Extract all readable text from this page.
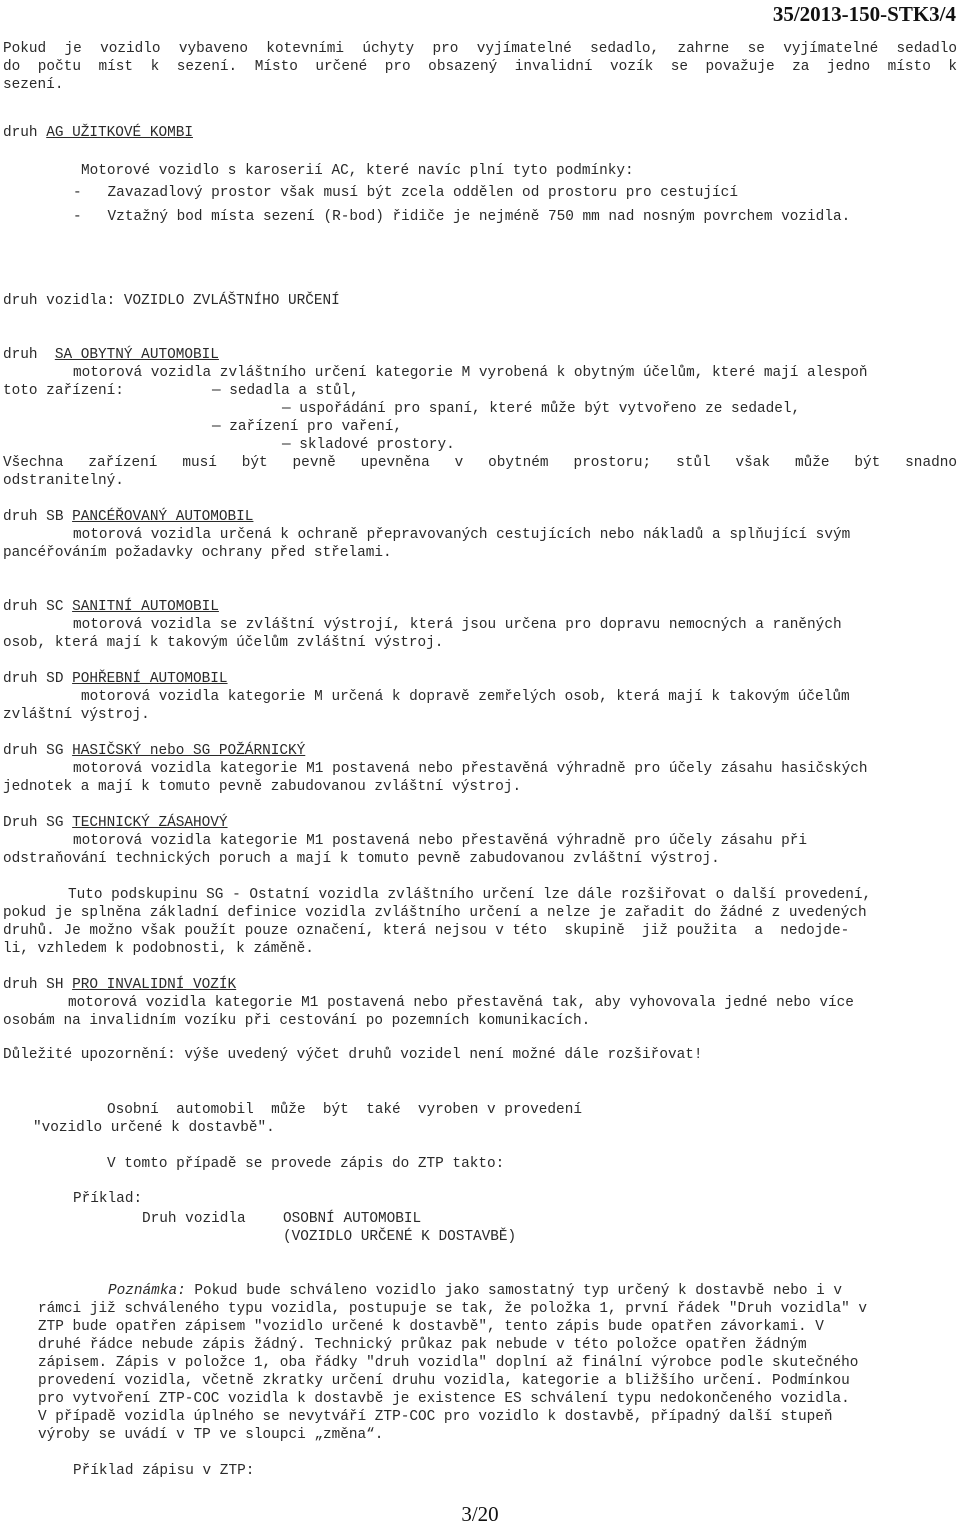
35/2013-150-STK3/4
Pokud je vozidlo vybaveno kotevními úchyty pro vyjímatelné sedadlo, zahrne se vyjímatelné sedadlo
do počtu míst k sezení. Místo určené pro obsazený invalidní vozík se považuje za jedno místo k
sezení.
druh AG UŽITKOVÉ KOMBI
Motorové vozidlo s karoserií AC, které navíc plní tyto podmínky:
-   Zavazadlový prostor však musí být zcela oddělen od prostoru pro cestující
-   Vztažný bod místa sezení (R-bod) řidiče je nejméně 750 mm nad nosným povrchem vozidla.
druh vozidla: VOZIDLO ZVLÁŠTNÍHO URČENÍ
druh  SA OBYTNÝ AUTOMOBIL
motorová vozidla zvláštního určení kategorie M vyrobená k obytným účelům, které mají alespoň
toto zařízení:	— sedadla a stůl,
— uspořádání pro spaní, které může být vytvořeno ze sedadel,
— zařízení pro vaření,
— skladové prostory.
Všechna zařízení musí být pevně upevněna v obytném prostoru; stůl však může být snadno
odstranitelný.
druh SB PANCÉŘOVANÝ AUTOMOBIL
motorová vozidla určená k ochraně přepravovaných cestujících nebo nákladů a splňující svým
pancéřováním požadavky ochrany před střelami.
druh SC SANITNÍ AUTOMOBIL
motorová vozidla se zvláštní výstrojí, která jsou určena pro dopravu nemocných a raněných
osob, která mají k takovým účelům zvláštní výstroj.
druh SD POHŘEBNÍ AUTOMOBIL
motorová vozidla kategorie M určená k dopravě zemřelých osob, která mají k takovým účelům
zvláštní výstroj.
druh SG HASIČSKÝ nebo SG POŽÁRNICKÝ
motorová vozidla kategorie M1 postavená nebo přestavěná výhradně pro účely zásahu hasičských
jednotek a mají k tomuto pevně zabudovanou zvláštní výstroj.
Druh SG TECHNICKÝ ZÁSAHOVÝ
motorová vozidla kategorie M1 postavená nebo přestavěná výhradně pro účely zásahu při
odstraňování technických poruch a mají k tomuto pevně zabudovanou zvláštní výstroj.
Tuto podskupinu SG - Ostatní vozidla zvláštního určení lze dále rozšiřovat o další provedení,
pokud je splněna základní definice vozidla zvláštního určení a nelze je zařadit do žádné z uvedených
druhů. Je možno však použít pouze označení, která nejsou v této  skupině  již použita  a  nedojde-
li, vzhledem k podobnosti, k záměně.
druh SH PRO INVALIDNÍ VOZÍK
motorová vozidla kategorie M1 postavená nebo přestavěná tak, aby vyhovovala jedné nebo více
osobám na invalidním vozíku při cestování po pozemních komunikacích.
Důležité upozornění: výše uvedený výčet druhů vozidel není možné dále rozšiřovat!
Osobní  automobil  může  být  také  vyroben v provedení
"vozidlo určené k dostavbě".
V tomto případě se provede zápis do ZTP takto:
Příklad:
Druh vozidla	OSOBNÍ AUTOMOBIL
(VOZIDLO URČENÉ K DOSTAVBĚ)
Poznámka: Pokud bude schváleno vozidlo jako samostatný typ určený k dostavbě nebo i v
rámci již schváleného typu vozidla, postupuje se tak, že položka 1, první řádek "Druh vozidla" v
ZTP bude opatřen zápisem "vozidlo určené k dostavbě", tento zápis bude opatřen závorkami. V
druhé řádce nebude zápis žádný. Technický průkaz pak nebude v této položce opatřen žádným
zápisem. Zápis v položce 1, oba řádky "druh vozidla" doplní až finální výrobce podle skutečného
provedení vozidla, včetně zkratky určení druhu vozidla, kategorie a bližšího určení. Podmínkou
pro vytvoření ZTP-COC vozidla k dostavbě je existence ES schválení typu nedokončeného vozidla.
V případě vozidla úplného se nevytváří ZTP-COC pro vozidlo k dostavbě, případný další stupeň
výroby se uvádí v TP ve sloupci „změna“.
Příklad zápisu v ZTP:
3/20
